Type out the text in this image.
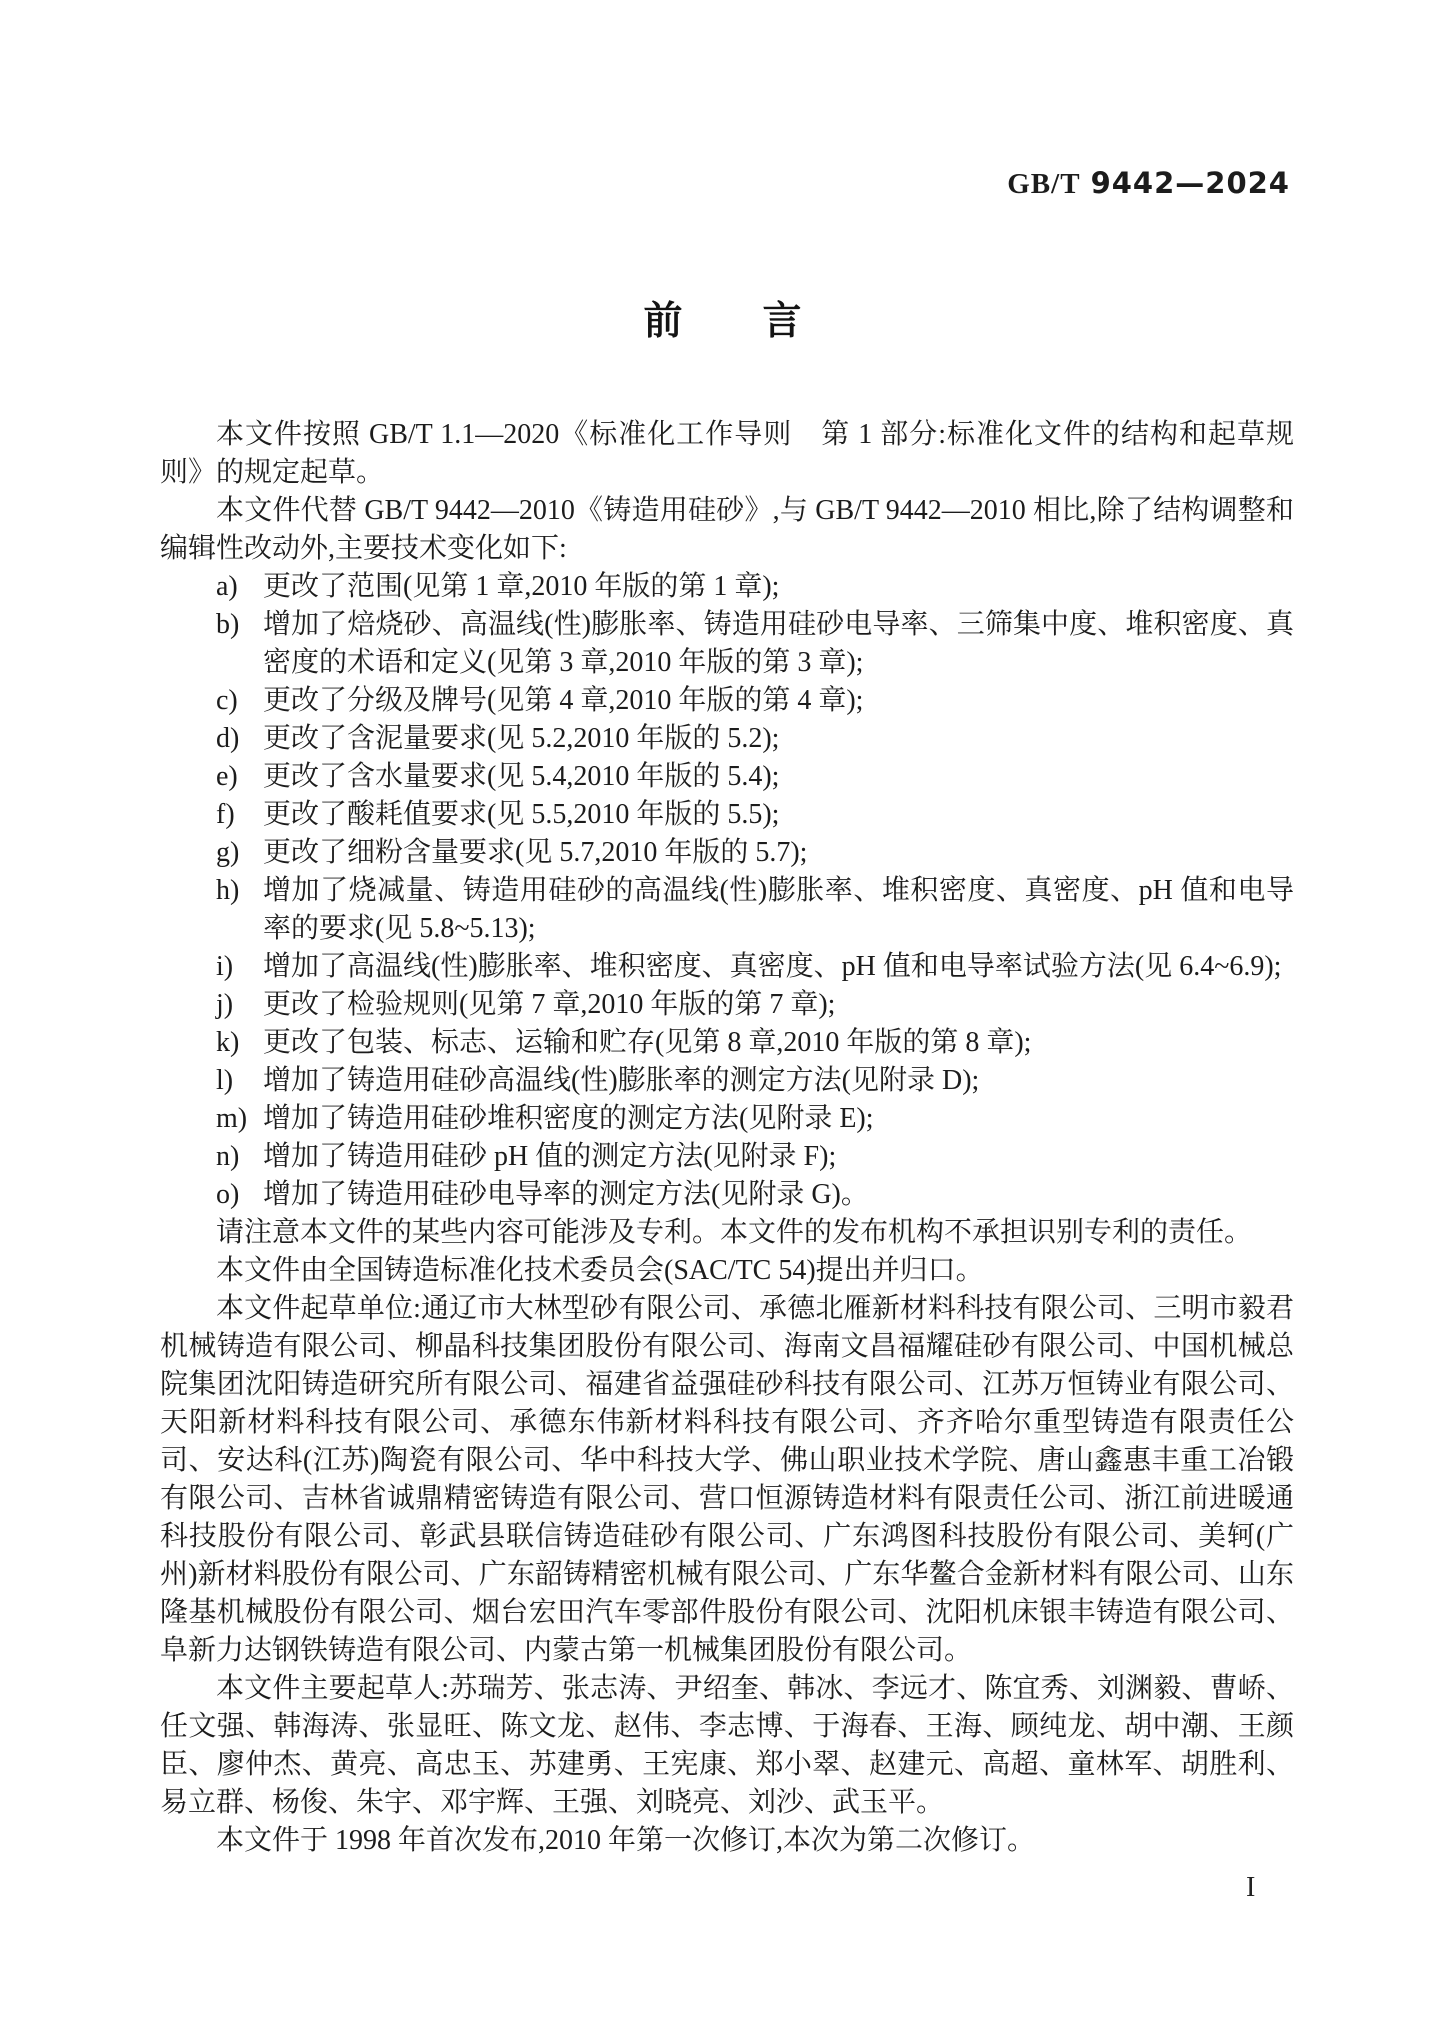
GB/T 9442—2024
前 言

本文件按照 GB/T 1.1—2020《标准化工作导则　第 1 部分:标准化文件的结构和起草规则》的规定起草。

本文件代替 GB/T 9442—2010《铸造用硅砂》,与 GB/T 9442—2010 相比,除了结构调整和编辑性改动外,主要技术变化如下:

a) 更改了范围(见第 1 章,2010 年版的第 1 章);
b) 增加了焙烧砂、高温线(性)膨胀率、铸造用硅砂电导率、三筛集中度、堆积密度、真密度的术语和定义(见第 3 章,2010 年版的第 3 章);
c) 更改了分级及牌号(见第 4 章,2010 年版的第 4 章);
d) 更改了含泥量要求(见 5.2,2010 年版的 5.2);
e) 更改了含水量要求(见 5.4,2010 年版的 5.4);
f)	更改了酸耗值要求(见 5.5,2010 年版的 5.5);
g) 更改了细粉含量要求(见 5.7,2010 年版的 5.7);
h) 增加了烧减量、铸造用硅砂的高温线(性)膨胀率、堆积密度、真密度、pH 值和电导率的要求(见 5.8~5.13);
i)	增加了高温线(性)膨胀率、堆积密度、真密度、pH 值和电导率试验方法(见 6.4~6.9);
j)	更改了检验规则(见第 7 章,2010 年版的第 7 章);
k) 更改了包装、标志、运输和贮存(见第 8 章,2010 年版的第 8 章);
l)	增加了铸造用硅砂高温线(性)膨胀率的测定方法(见附录 D);
m) 增加了铸造用硅砂堆积密度的测定方法(见附录 E);
n) 增加了铸造用硅砂 pH 值的测定方法(见附录 F);
o) 增加了铸造用硅砂电导率的测定方法(见附录 G)。

请注意本文件的某些内容可能涉及专利。本文件的发布机构不承担识别专利的责任。

本文件由全国铸造标准化技术委员会(SAC/TC 54)提出并归口。

本文件起草单位:通辽市大林型砂有限公司、承德北雁新材料科技有限公司、三明市毅君机械铸造有限公司、柳晶科技集团股份有限公司、海南文昌福耀硅砂有限公司、中国机械总院集团沈阳铸造研究所有限公司、福建省益强硅砂科技有限公司、江苏万恒铸业有限公司、天阳新材料科技有限公司、承德东伟新材料科技有限公司、齐齐哈尔重型铸造有限责任公司、安达科(江苏)陶瓷有限公司、华中科技大学、佛山职业技术学院、唐山鑫惠丰重工冶锻有限公司、吉林省诚鼎精密铸造有限公司、营口恒源铸造材料有限责任公司、浙江前进暖通科技股份有限公司、彰武县联信铸造硅砂有限公司、广东鸿图科技股份有限公司、美轲(广州)新材料股份有限公司、广东韶铸精密机械有限公司、广东华鳌合金新材料有限公司、山东隆基机械股份有限公司、烟台宏田汽车零部件股份有限公司、沈阳机床银丰铸造有限公司、阜新力达钢铁铸造有限公司、内蒙古第一机械集团股份有限公司。

本文件主要起草人:苏瑞芳、张志涛、尹绍奎、韩冰、李远才、陈宜秀、刘渊毅、曹峤、任文强、韩海涛、张显旺、陈文龙、赵伟、李志博、于海春、王海、顾纯龙、胡中潮、王颜臣、廖仲杰、黄亮、高忠玉、苏建勇、王宪康、郑小翠、赵建元、高超、童林军、胡胜利、易立群、杨俊、朱宇、邓宇辉、王强、刘晓亮、刘沙、武玉平。

本文件于 1998 年首次发布,2010 年第一次修订,本次为第二次修订。

I
